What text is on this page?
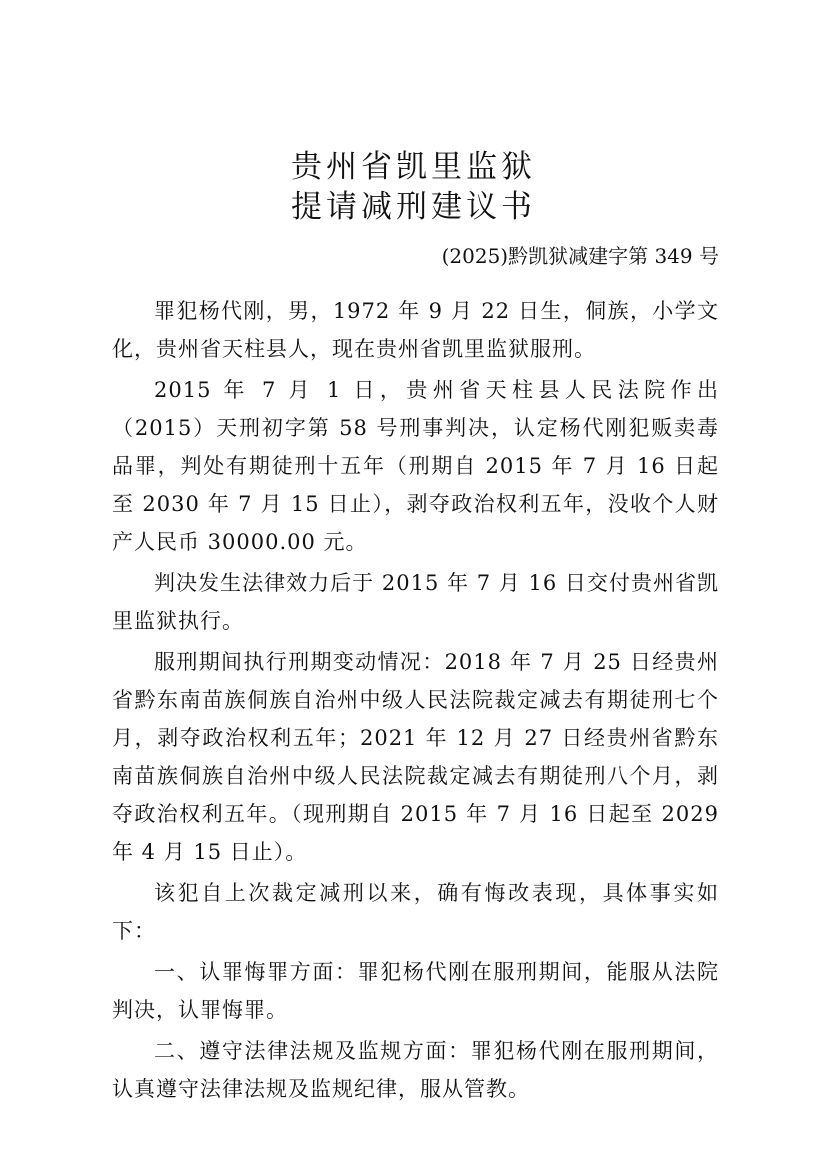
贵州省凯里监狱
提请减刑建议书

(2025)黔凯狱减建字第 349 号

罪犯杨代刚，男，1972 年 9 月 22 日生，侗族，小学文化，贵州省天柱县人，现在贵州省凯里监狱服刑。

2015 年 7 月 1 日，贵州省天柱县人民法院作出（2015）天刑初字第 58 号刑事判决，认定杨代刚犯贩卖毒品罪，判处有期徒刑十五年（刑期自 2015 年 7 月 16 日起至 2030 年 7 月 15 日止），剥夺政治权利五年，没收个人财产人民币 30000.00 元。

判决发生法律效力后于 2015 年 7 月 16 日交付贵州省凯里监狱执行。

服刑期间执行刑期变动情况：2018 年 7 月 25 日经贵州省黔东南苗族侗族自治州中级人民法院裁定减去有期徒刑七个月，剥夺政治权利五年；2021 年 12 月 27 日经贵州省黔东南苗族侗族自治州中级人民法院裁定减去有期徒刑八个月，剥夺政治权利五年。（现刑期自 2015 年 7 月 16 日起至 2029 年 4 月 15 日止）。

该犯自上次裁定减刑以来，确有悔改表现，具体事实如下：

一、认罪悔罪方面：罪犯杨代刚在服刑期间，能服从法院判决，认罪悔罪。

二、遵守法律法规及监规方面：罪犯杨代刚在服刑期间，认真遵守法律法规及监规纪律，服从管教。
